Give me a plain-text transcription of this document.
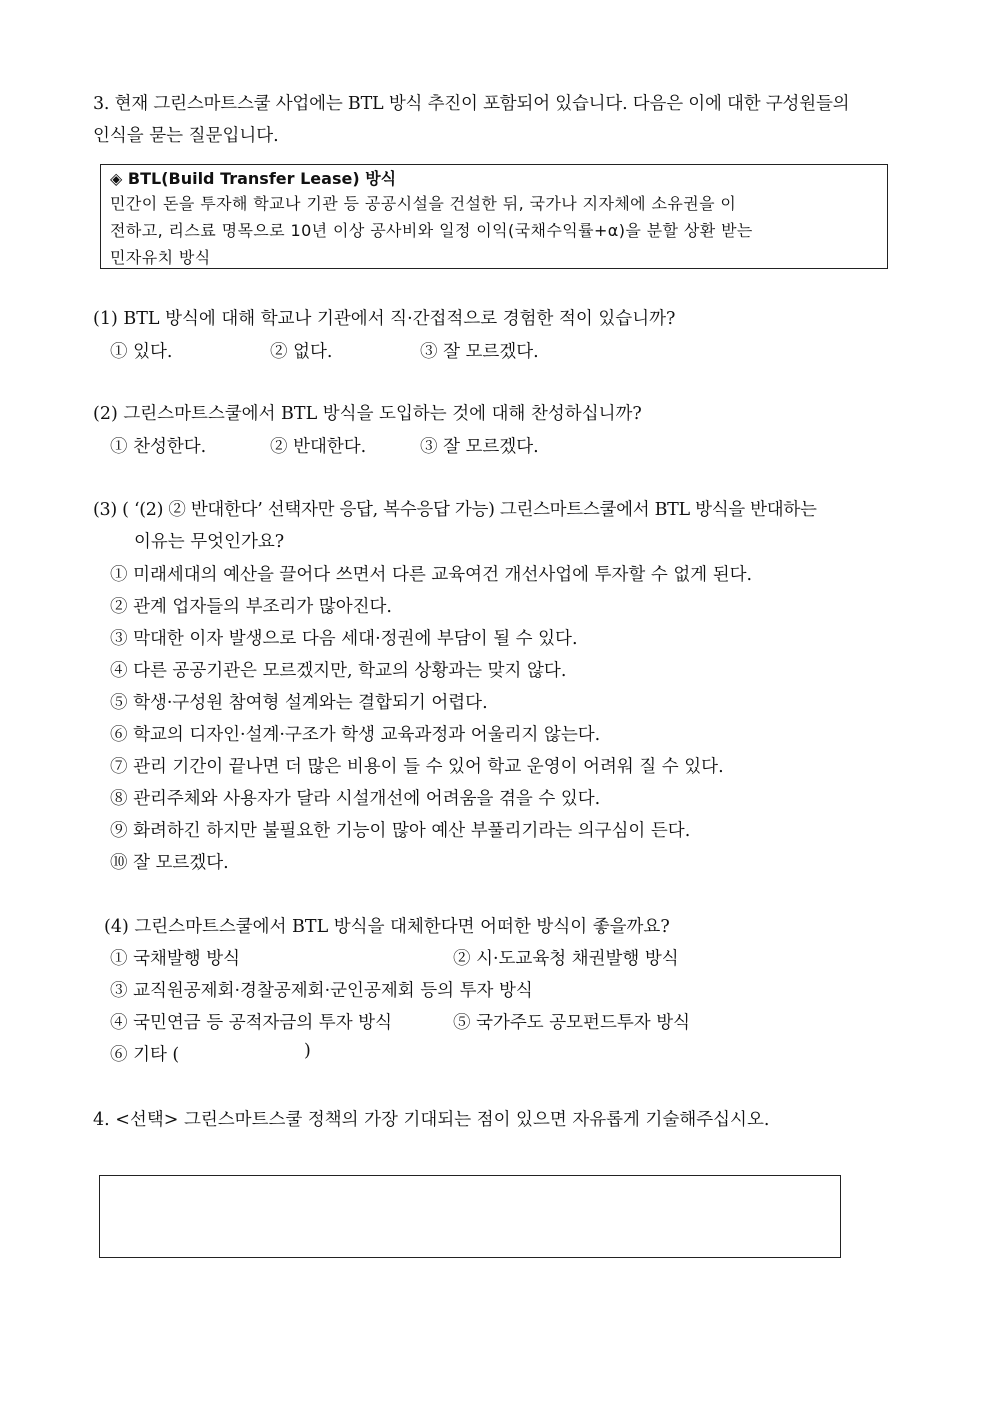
3. 현재 그린스마트스쿨 사업에는 BTL 방식 추진이 포함되어 있습니다. 다음은 이에 대한 구성원들의
인식을 묻는 질문입니다.
◈ BTL(Build Transfer Lease) 방식
민간이 돈을 투자해 학교나 기관 등 공공시설을 건설한 뒤, 국가나 지자체에 소유권을 이
전하고, 리스료 명목으로 10년 이상 공사비와 일정 이익(국채수익률+α)을 분할 상환 받는
민자유치 방식
(1) BTL 방식에 대해 학교나 기관에서 직·간접적으로 경험한 적이 있습니까?
① 있다.	② 없다.	③ 잘 모르겠다.
(2) 그린스마트스쿨에서 BTL 방식을 도입하는 것에 대해 찬성하십니까?
① 찬성한다.	② 반대한다.	③ 잘 모르겠다.
(3) ( ‘(2) ② 반대한다’ 선택자만 응답, 복수응답 가능) 그린스마트스쿨에서 BTL 방식을 반대하는
이유는 무엇인가요?
① 미래세대의 예산을 끌어다 쓰면서 다른 교육여건 개선사업에 투자할 수 없게 된다.
② 관계 업자들의 부조리가 많아진다.
③ 막대한 이자 발생으로 다음 세대·정권에 부담이 될 수 있다.
④ 다른 공공기관은 모르겠지만, 학교의 상황과는 맞지 않다.
⑤ 학생·구성원 참여형 설계와는 결합되기 어렵다.
⑥ 학교의 디자인·설계·구조가 학생 교육과정과 어울리지 않는다.
⑦ 관리 기간이 끝나면 더 많은 비용이 들 수 있어 학교 운영이 어려워 질 수 있다.
⑧ 관리주체와 사용자가 달라 시설개선에 어려움을 겪을 수 있다.
⑨ 화려하긴 하지만 불필요한 기능이 많아 예산 부풀리기라는 의구심이 든다.
⑩ 잘 모르겠다.
(4) 그린스마트스쿨에서 BTL 방식을 대체한다면 어떠한 방식이 좋을까요?
① 국채발행 방식	② 시·도교육청 채권발행 방식
③ 교직원공제회·경찰공제회·군인공제회 등의 투자 방식
④ 국민연금 등 공적자금의 투자 방식	⑤ 국가주도 공모펀드투자 방식
⑥ 기타 (	)
4. <선택> 그린스마트스쿨 정책의 가장 기대되는 점이 있으면 자유롭게 기술해주십시오.
